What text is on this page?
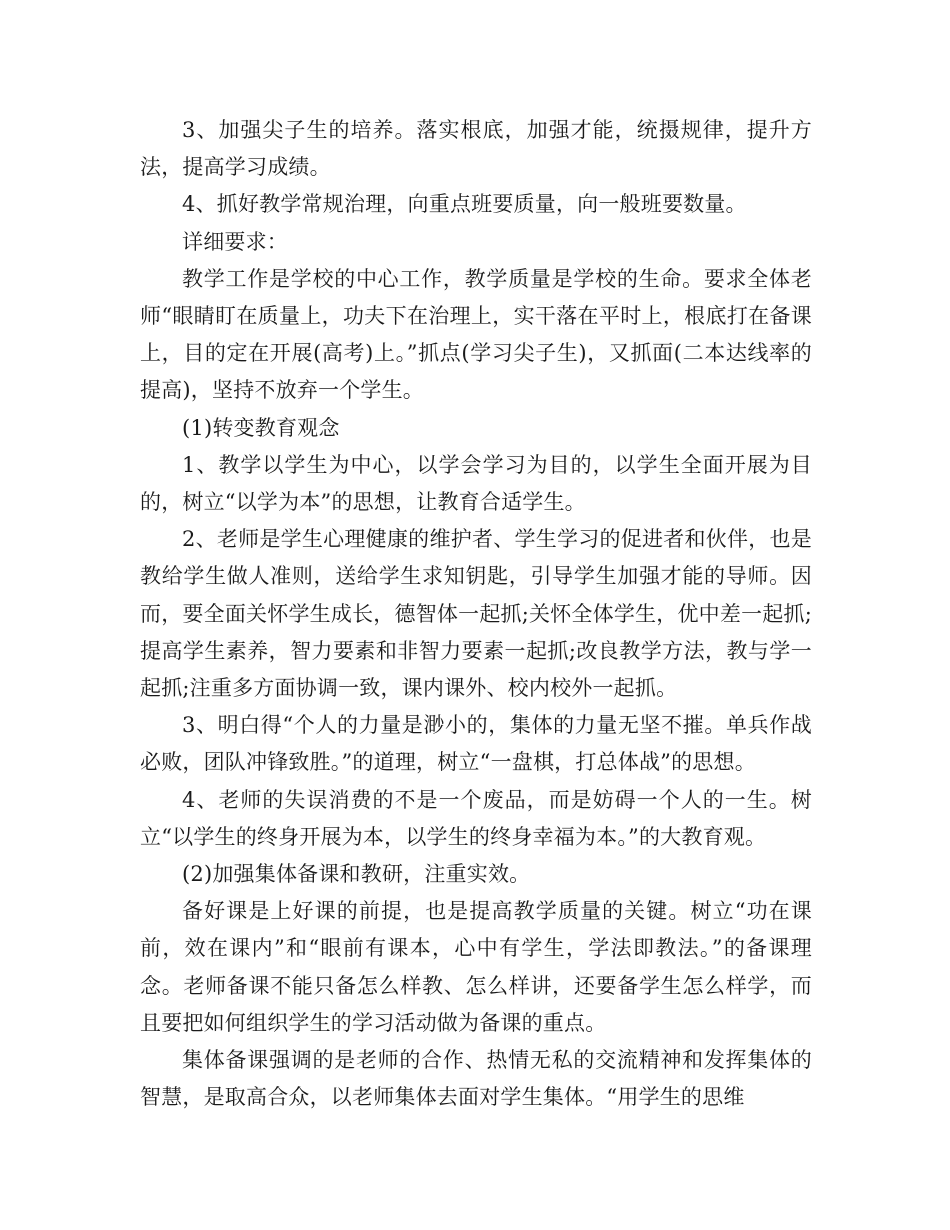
3、加强尖子生的培养。落实根底，加强才能，统摄规律，提升方法，提高学习成绩。

4、抓好教学常规治理，向重点班要质量，向一般班要数量。

详细要求：

教学工作是学校的中心工作，教学质量是学校的生命。要求全体老师“眼睛盯在质量上，功夫下在治理上，实干落在平时上，根底打在备课上，目的定在开展(高考)上。”抓点(学习尖子生)，又抓面(二本达线率的提高)，坚持不放弃一个学生。

(1)转变教育观念

1、教学以学生为中心，以学会学习为目的，以学生全面开展为目的，树立“以学为本”的思想，让教育合适学生。

2、老师是学生心理健康的维护者、学生学习的促进者和伙伴，也是教给学生做人准则，送给学生求知钥匙，引导学生加强才能的导师。因而，要全面关怀学生成长，德智体一起抓;关怀全体学生，优中差一起抓;提高学生素养，智力要素和非智力要素一起抓;改良教学方法，教与学一起抓;注重多方面协调一致，课内课外、校内校外一起抓。

3、明白得“个人的力量是渺小的，集体的力量无坚不摧。单兵作战必败，团队冲锋致胜。”的道理，树立“一盘棋，打总体战”的思想。

4、老师的失误消费的不是一个废品，而是妨碍一个人的一生。树立“以学生的终身开展为本，以学生的终身幸福为本。”的大教育观。

(2)加强集体备课和教研，注重实效。

备好课是上好课的前提，也是提高教学质量的关键。树立“功在课前，效在课内”和“眼前有课本，心中有学生，学法即教法。”的备课理念。老师备课不能只备怎么样教、怎么样讲，还要备学生怎么样学，而且要把如何组织学生的学习活动做为备课的重点。

集体备课强调的是老师的合作、热情无私的交流精神和发挥集体的智慧，是取高合众，以老师集体去面对学生集体。“用学生的思维
